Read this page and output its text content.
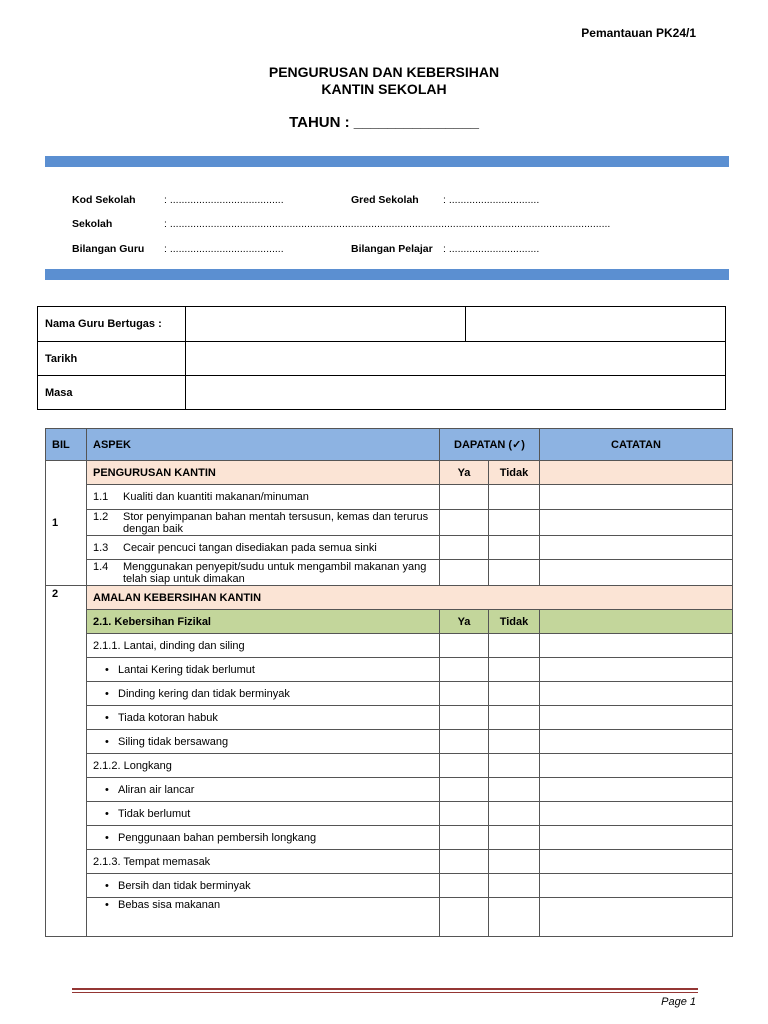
Pemantauan PK24/1
PENGURUSAN DAN KEBERSIHAN
KANTIN SEKOLAH
TAHUN : _______________
Kod Sekolah	: .......................................	Gred Sekolah : ...............................
Sekolah	: .......................................................................................................................................................
Bilangan Guru : .......................................	Bilangan Pelajar : ...............................
Nama Guru Bertugas :		
Tarikh		
Masa		
BIL	ASPEK	DAPATAN (✓)		CATATAN
1	PENGURUSAN KANTIN	Ya	Tidak	
	1.1 Kualiti dan kuantiti makanan/minuman			

	1.2 Stor penyimpanan bahan mentah tersusun, kemas dan terurus dengan baik			

	1.3 Cecair pencuci tangan disediakan pada semua sinki			

	1.4 Menggunakan penyepit/sudu untuk mengambil makanan yang telah siap untuk dimakan			

2	AMALAN KEBERSIHAN KANTIN			
	2.1. Kebersihan Fizikal	Ya	Tidak	
	2.1.1. Lantai, dinding dan siling			
	• Lantai Kering tidak berlumut			
	• Dinding kering dan tidak berminyak			
	• Tiada kotoran habuk			
	• Siling tidak bersawang			
	2.1.2. Longkang			
	• Aliran air lancar			
	• Tidak berlumut			
	• Penggunaan bahan pembersih longkang			
	2.1.3. Tempat memasak			
	• Bersih dan tidak berminyak			
	• Bebas sisa makanan			
Page 1
